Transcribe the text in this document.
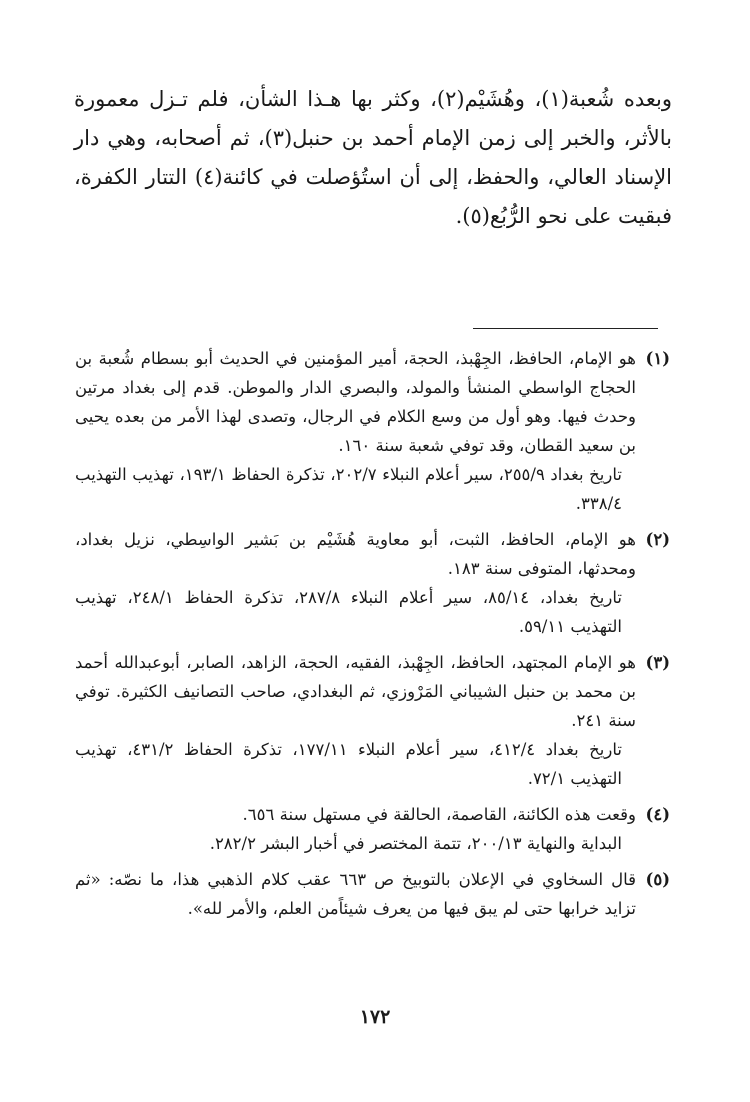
وبعده شُعبة(١)، وهُشَيْم(٢)، وكثر بها هـذا الشأن، فلم تـزل معمورة بالأثر، والخبر إلى زمن الإمام أحمد بن حنبل(٣)، ثم أصحابه، وهي دار الإسناد العالي، والحفظ، إلى أن استُؤصلت في كائنة(٤) التتار الكفرة، فبقيت على نحو الرُّبُع(٥).

(١)

هو الإمام، الحافظ، الجِهْبذ، الحجة، أمير المؤمنين في الحديث أبو بسطام شُعبة بن الحجاج الواسطي المنشأ والمولد، والبصري الدار والموطن. قدم إلى بغداد مرتين وحدث فيها. وهو أول من وسع الكلام في الرجال، وتصدى لهذا الأمر من بعده يحيى بن سعيد القطان، وقد توفي شعبة سنة ١٦٠.

تاريخ بغداد ٢٥٥/٩، سير أعلام النبلاء ٢٠٢/٧، تذكرة الحفاظ ١٩٣/١، تهذيب التهذيب ٣٣٨/٤.

(٢)

هو الإمام، الحافظ، الثبت، أبو معاوية هُشَيْم بن بَشير الواسِطي، نزيل بغداد، ومحدثها، المتوفى سنة ١٨٣.

تاريخ بغداد، ٨٥/١٤، سير أعلام النبلاء ٢٨٧/٨، تذكرة الحفاظ ٢٤٨/١، تهذيب التهذيب ٥٩/١١.

(٣)

هو الإمام المجتهد، الحافظ، الجِهْبذ، الفقيه، الحجة، الزاهد، الصابر، أبوعبدالله أحمد بن محمد بن حنبل الشيباني المَرْوزي، ثم البغدادي، صاحب التصانيف الكثيرة. توفي سنة ٢٤١.

تاريخ بغداد ٤١٢/٤، سير أعلام النبلاء ١٧٧/١١، تذكرة الحفاظ ٤٣١/٢، تهذيب التهذيب ٧٢/١.

(٤)

وقعت هذه الكائنة، القاصمة، الحالقة في مستهل سنة ٦٥٦.

البداية والنهاية ٢٠٠/١٣، تتمة المختصر في أخبار البشر ٢٨٢/٢.

(٥)

قال السخاوي في الإعلان بالتوبيخ ص ٦٦٣ عقب كلام الذهبي هذا، ما نصّه: «ثم تزايد خرابها حتى لم يبق فيها من يعرف شيئاًمن العلم، والأمر لله».

١٧٢
